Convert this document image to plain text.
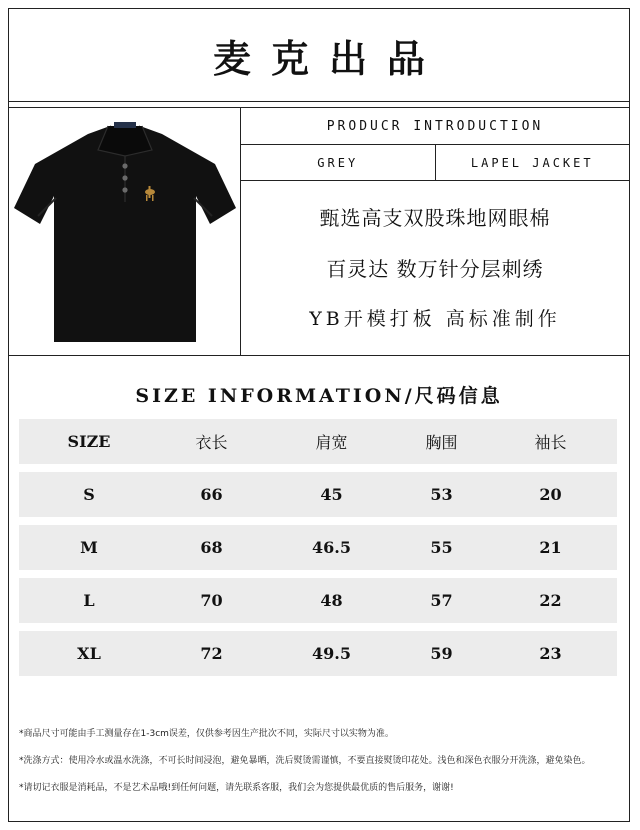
麦克出品
PRODUCR INTRODUCTION
GREY	LAPEL JACKET
甄选高支双股珠地网眼棉
百灵达 数万针分层刺绣
YB开模打板 高标准制作
SIZE INFORMATION/尺码信息
SIZE	衣长	肩宽	胸围	袖长
S	66	45	53	20
M	68	46.5	55	21
L	70	48	57	22
XL	72	49.5	59	23
*商品尺寸可能由手工测量存在1-3cm误差，仅供参考因生产批次不同，实际尺寸以实物为准。
*洗涤方式：使用冷水或温水洗涤，不可长时间浸泡，避免暴晒，洗后熨烫需谨慎，不要直接熨烫印花处。浅色和深色衣服分开洗涤，避免染色。
*请切记衣服是消耗品，不是艺术品哦!到任何问题，请先联系客服，我们会为您提供最优质的售后服务，谢谢!
